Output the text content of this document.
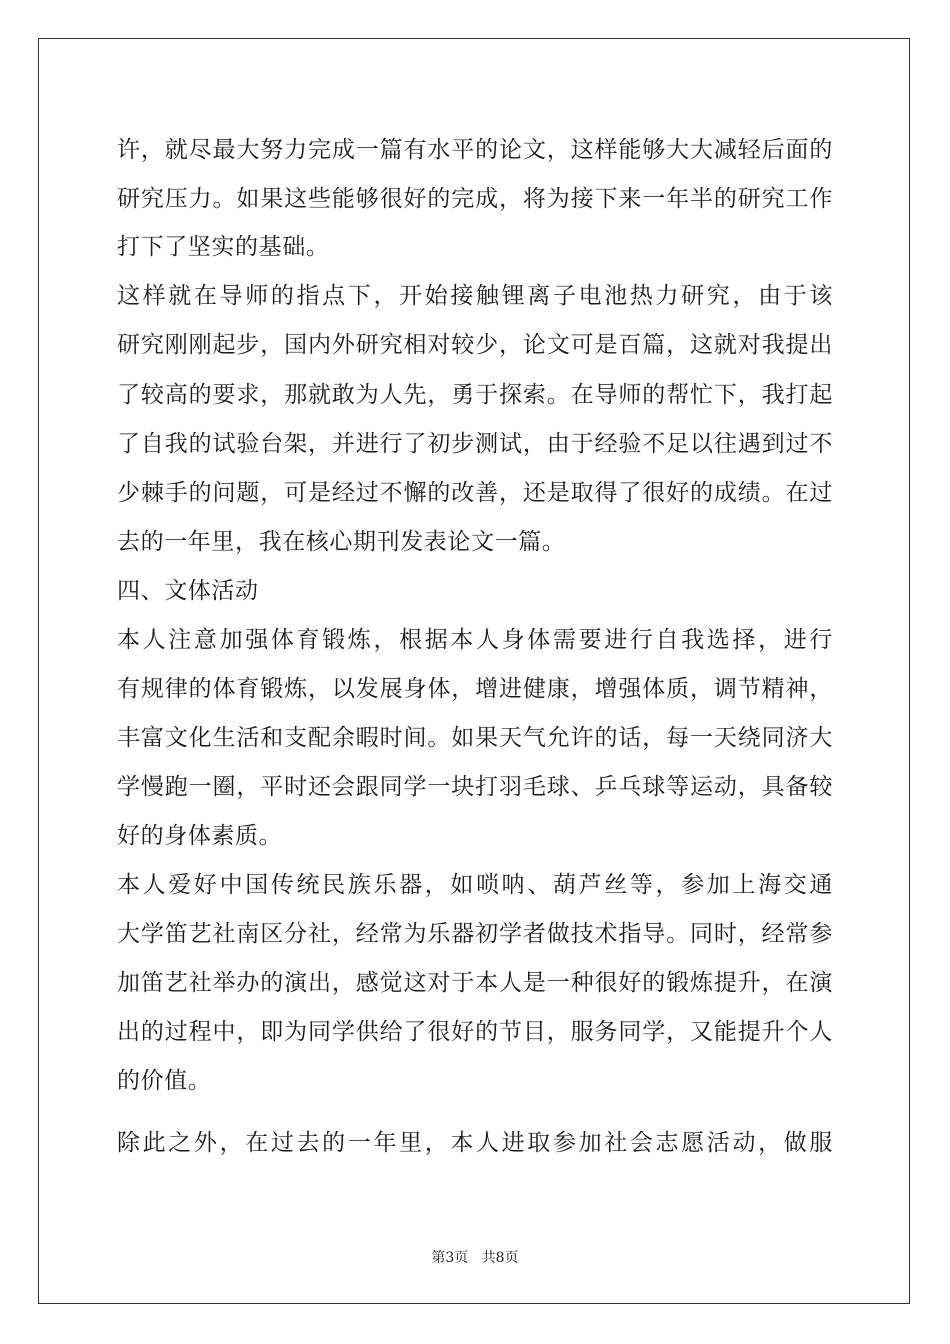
许，就尽最大努力完成一篇有水平的论文，这样能够大大减轻后面的
研究压力。如果这些能够很好的完成，将为接下来一年半的研究工作
打下了坚实的基础。
这样就在导师的指点下，开始接触锂离子电池热力研究，由于该
研究刚刚起步，国内外研究相对较少，论文可是百篇，这就对我提出
了较高的要求，那就敢为人先，勇于探索。在导师的帮忙下，我打起
了自我的试验台架，并进行了初步测试，由于经验不足以往遇到过不
少棘手的问题，可是经过不懈的改善，还是取得了很好的成绩。在过
去的一年里，我在核心期刊发表论文一篇。
四、文体活动
本人注意加强体育锻炼，根据本人身体需要进行自我选择，进行
有规律的体育锻炼，以发展身体，增进健康，增强体质，调节精神，
丰富文化生活和支配余暇时间。如果天气允许的话，每一天绕同济大
学慢跑一圈，平时还会跟同学一块打羽毛球、乒乓球等运动，具备较
好的身体素质。
本人爱好中国传统民族乐器，如唢呐、葫芦丝等，参加上海交通
大学笛艺社南区分社，经常为乐器初学者做技术指导。同时，经常参
加笛艺社举办的演出，感觉这对于本人是一种很好的锻炼提升，在演
出的过程中，即为同学供给了很好的节目，服务同学，又能提升个人
的价值。
除此之外，在过去的一年里，本人进取参加社会志愿活动，做服
第3页 共8页
